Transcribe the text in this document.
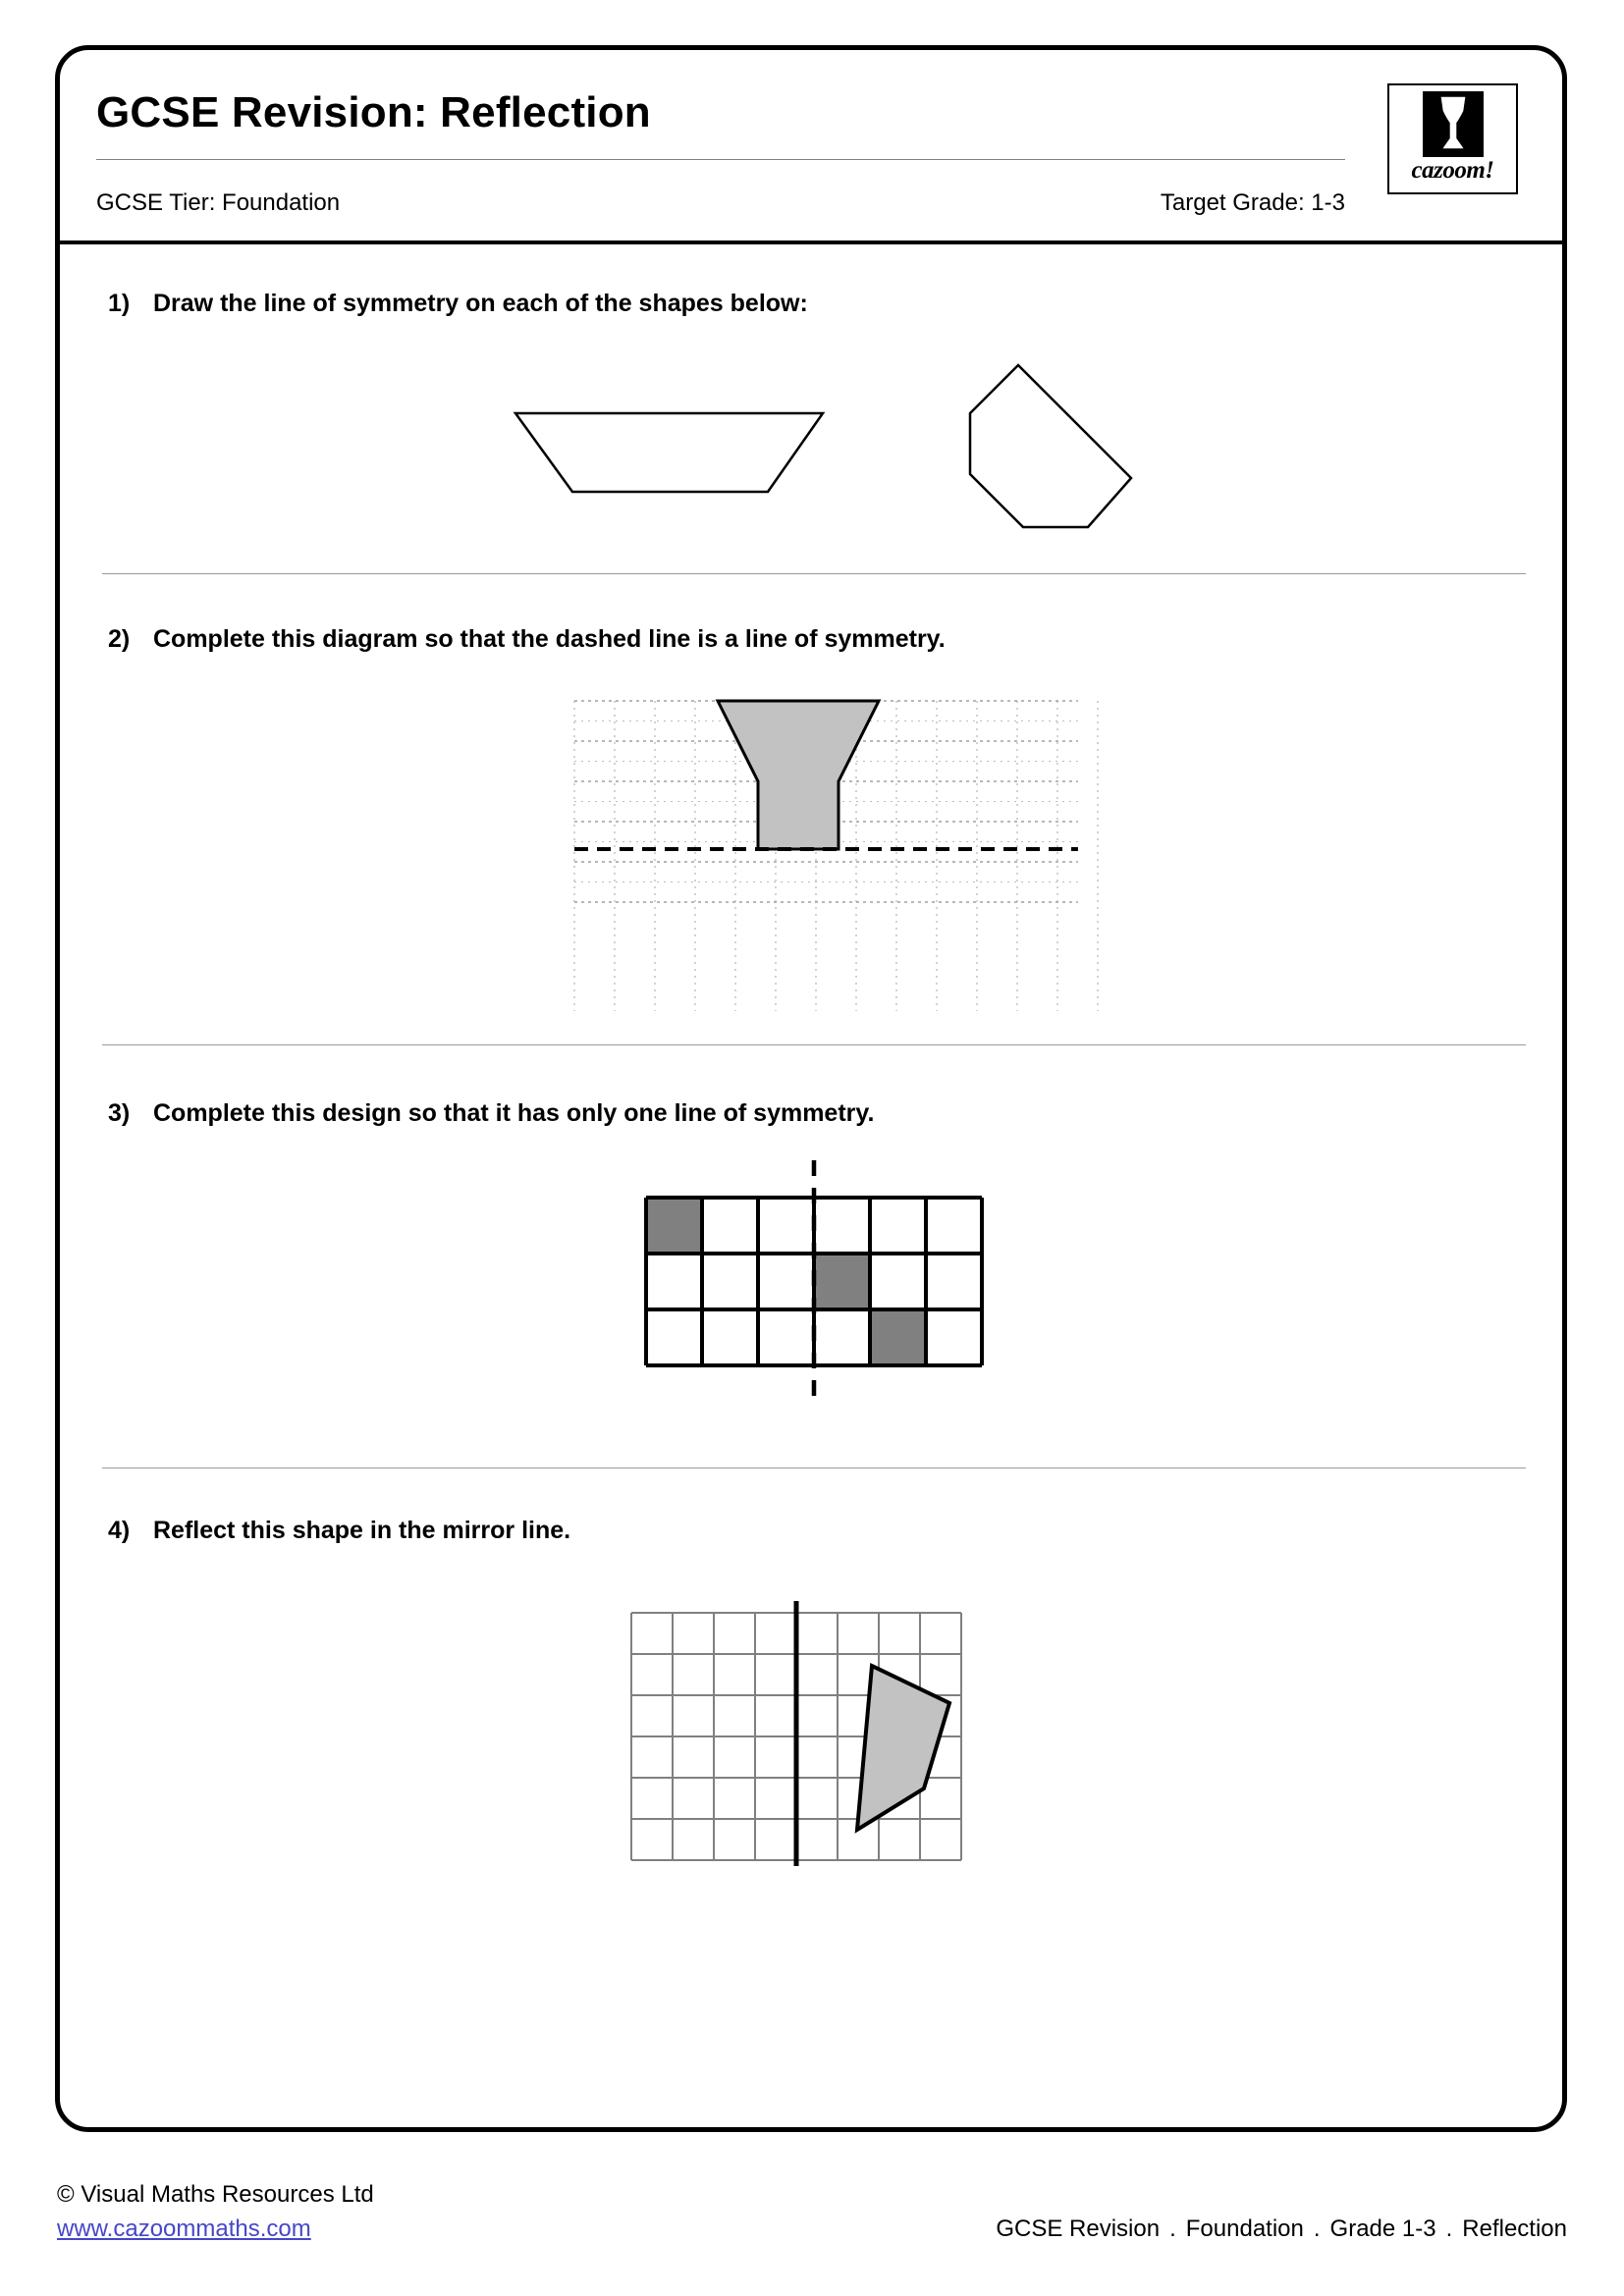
GCSE Revision: Reflection
GCSE Tier: Foundation	Target Grade: 1-3
cazoom!
1) Draw the line of symmetry on each of the shapes below:
2) Complete this diagram so that the dashed line is a line of symmetry.
3) Complete this design so that it has only one line of symmetry.
4) Reflect this shape in the mirror line.
© Visual Maths Resources Ltd
www.cazoommaths.com	GCSE Revision . Foundation . Grade 1-3 . Reflection
